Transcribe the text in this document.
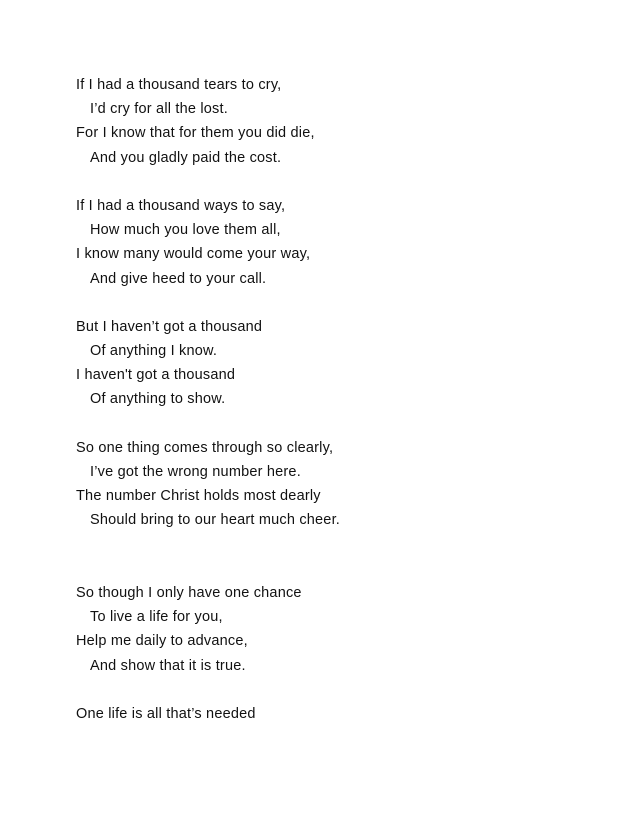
If I had a thousand tears to cry,
I’d cry for all the lost.
For I know that for them you did die,
And you gladly paid the cost.
If I had a thousand ways to say,
How much you love them all,
I know many would come your way,
And give heed to your call.
But I haven’t got a thousand
Of anything I know.
I haven't got a thousand
Of anything to show.
So one thing comes through so clearly,
I’ve got the wrong number here.
The number Christ holds most dearly
Should bring to our heart much cheer.
So though I only have one chance
To live a life for you,
Help me daily to advance,
And show that it is true.
One life is all that’s needed
